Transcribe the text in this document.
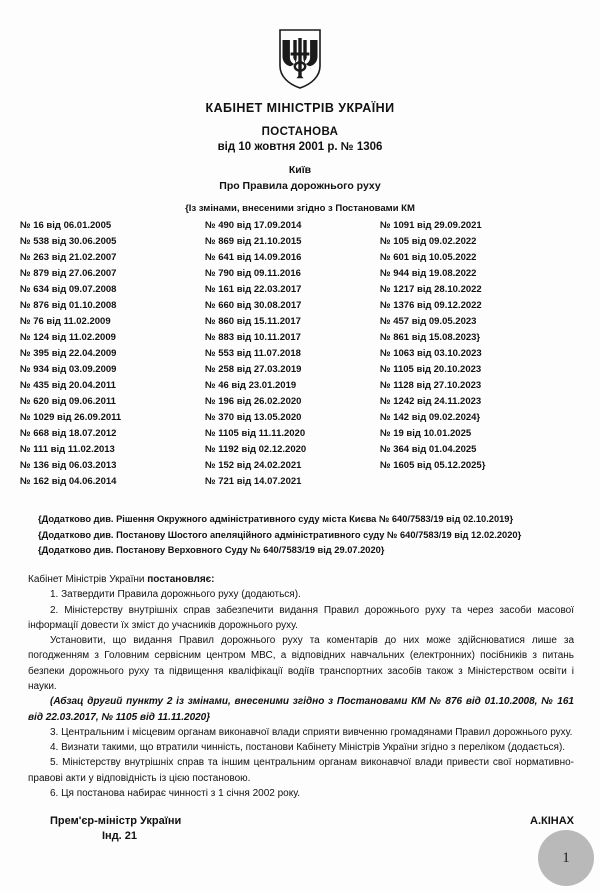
КАБІНЕТ МІНІСТРІВ УКРАЇНИ
ПОСТАНОВА
від 10 жовтня 2001 р. № 1306
Київ
Про Правила дорожнього руху
{Із змінами, внесеними згідно з Постановами КМ
№ 16 від 06.01.2005
№ 538 від 30.06.2005
№ 263 від 21.02.2007
№ 879 від 27.06.2007
№ 634 від 09.07.2008
№ 876 від 01.10.2008
№ 76 від 11.02.2009
№ 124 від 11.02.2009
№ 395 від 22.04.2009
№ 934 від 03.09.2009
№ 435 від 20.04.2011
№ 620 від 09.06.2011
№ 1029 від 26.09.2011
№ 668 від 18.07.2012
№ 111 від 11.02.2013
№ 136 від 06.03.2013
№ 162 від 04.06.2014
№ 490 від 17.09.2014
№ 869 від 21.10.2015
№ 641 від 14.09.2016
№ 790 від 09.11.2016
№ 161 від 22.03.2017
№ 660 від 30.08.2017
№ 860 від 15.11.2017
№ 883 від 10.11.2017
№ 553 від 11.07.2018
№ 258 від 27.03.2019
№ 46 від 23.01.2019
№ 196 від 26.02.2020
№ 370 від 13.05.2020
№ 1105 від 11.11.2020
№ 1192 від 02.12.2020
№ 152 від 24.02.2021
№ 721 від 14.07.2021
№ 1091 від 29.09.2021
№ 105 від 09.02.2022
№ 601 від 10.05.2022
№ 944 від 19.08.2022
№ 1217 від 28.10.2022
№ 1376 від 09.12.2022
№ 457 від 09.05.2023
№ 861 від 15.08.2023}
№ 1063 від 03.10.2023
№ 1105 від 20.10.2023
№ 1128 від 27.10.2023
№ 1242 від 24.11.2023
№ 142 від 09.02.2024}
№ 19 від 10.01.2025
№ 364 від 01.04.2025
№ 1605 від 05.12.2025}
{Додатково див. Рішення Окружного адміністративного суду міста Києва № 640/7583/19 від 02.10.2019}
{Додатково див. Постанову Шостого апеляційного адміністративного суду № 640/7583/19 від 12.02.2020}
{Додатково див. Постанову Верховного Суду № 640/7583/19 від 29.07.2020}

Кабінет Міністрів України постановляє:

1. Затвердити Правила дорожнього руху (додаються).

2. Міністерству внутрішніх справ забезпечити видання Правил дорожнього руху та через засоби масової інформації довести їх зміст до учасників дорожнього руху.

Установити, що видання Правил дорожнього руху та коментарів до них може здійснюватися лише за погодженням з Головним сервісним центром МВС, а відповідних навчальних (електронних) посібників з питань безпеки дорожнього руху та підвищення кваліфікації водіїв транспортних засобів також з Міністерством освіти і науки.

(Абзац другий пункту 2 із змінами, внесеними згідно з Постановами КМ № 876 від 01.10.2008, № 161 від 22.03.2017, № 1105 від 11.11.2020}

3. Центральним і місцевим органам виконавчої влади сприяти вивченню громадянами Правил дорожнього руху.

4. Визнати такими, що втратили чинність, постанови Кабінету Міністрів України згідно з переліком (додається).

5. Міністерству внутрішніх справ та іншим центральним органам виконавчої влади привести свої нормативно-правові акти у відповідність із цією постановою.

6. Ця постанова набирає чинності з 1 січня 2002 року.

Прем'єр-міністр України	А.КІНАХ
Інд. 21
1
